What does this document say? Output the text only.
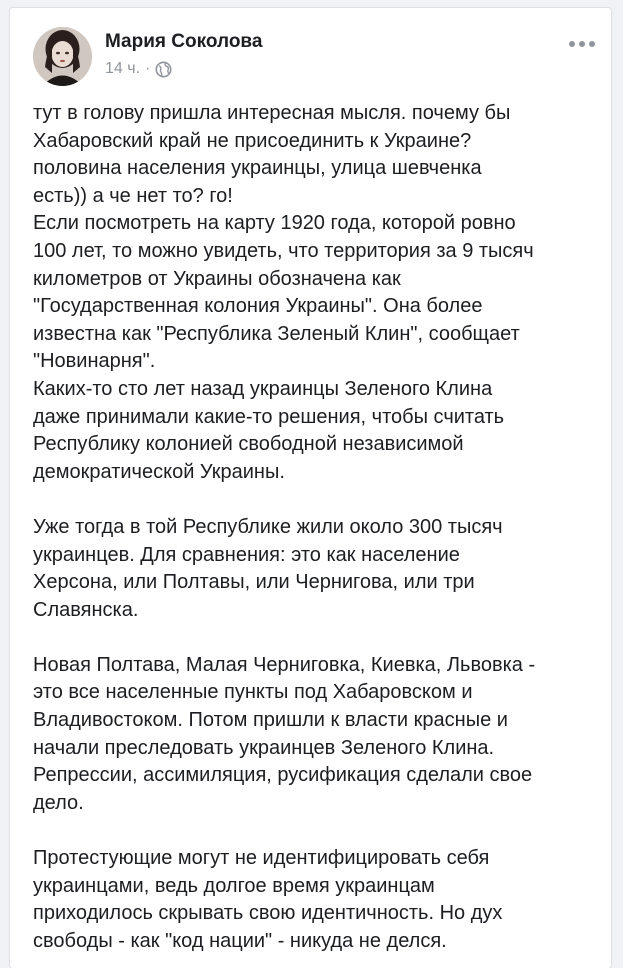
Мария Соколова
14 ч. ·

тут в голову пришла интересная мысля. почему бы

Хабаровский край не присоединить к Украине?

половина населения украинцы, улица шевченка

есть)) а че нет то? го!

Если посмотреть на карту 1920 года, которой ровно

100 лет, то можно увидеть, что территория за 9 тысяч

километров от Украины обозначена как

"Государственная колония Украины". Она более

известна как "Республика Зеленый Клин", сообщает

"Новинарня".

Каких-то сто лет назад украинцы Зеленого Клина

даже принимали какие-то решения, чтобы считать

Республику колонией свободной независимой

демократической Украины.

Уже тогда в той Республике жили около 300 тысяч

украинцев. Для сравнения: это как население

Херсона, или Полтавы, или Чернигова, или три

Славянска.

Новая Полтава, Малая Черниговка, Киевка, Львовка -

это все населенные пункты под Хабаровском и

Владивостоком. Потом пришли к власти красные и

начали преследовать украинцев Зеленого Клина.

Репрессии, ассимиляция, русификация сделали свое

дело.

Протестующие могут не идентифицировать себя

украинцами, ведь долгое время украинцам

приходилось скрывать свою идентичность. Но дух

свободы - как "код нации" - никуда не делся.
